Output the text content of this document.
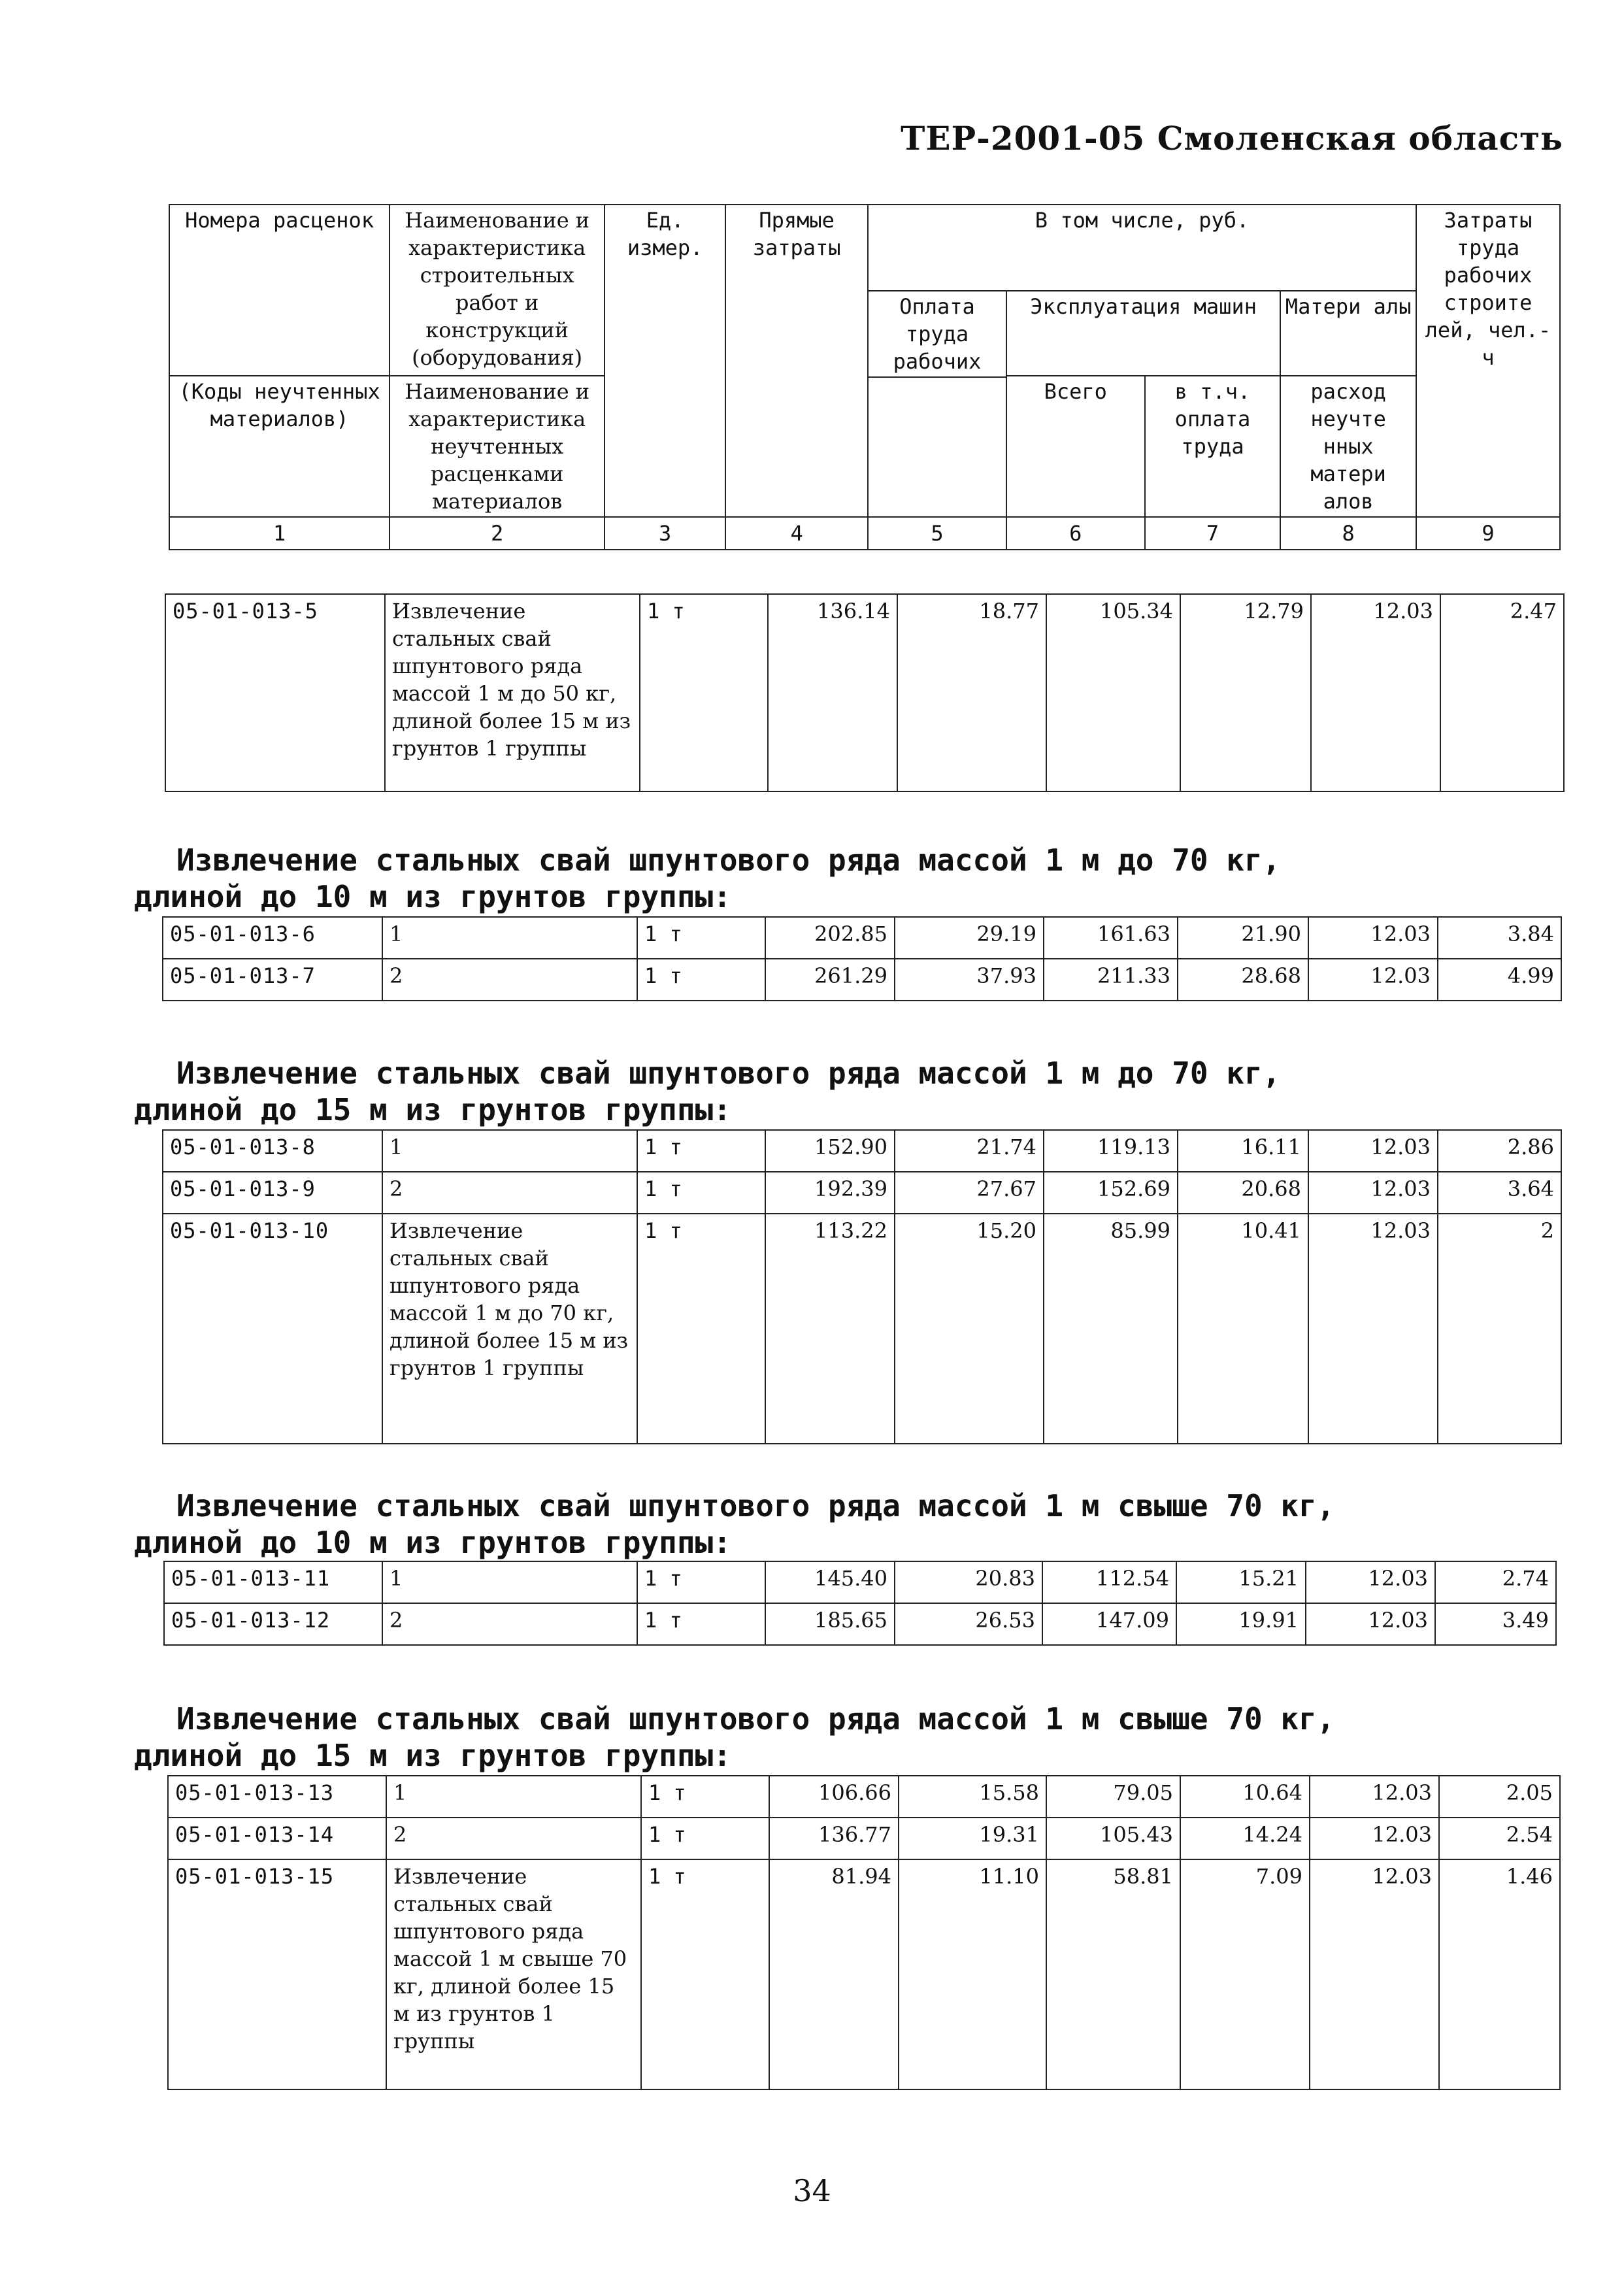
ТЕР-2001-05 Смоленская область
Номера расценок	Наименование и характеристика строительных работ и конструкций (оборудования)	Ед. измер.	Прямые затраты	В том числе, руб.				Затраты труда рабочих строите лей, чел.-ч
				Оплата труда рабочих	Эксплуатация машин		Матери алы	
(Коды неучтенных материалов)	Наименование и характеристика неучтенных расценками материалов				Всего	в т.ч. оплата труда	расход неучте нных матери алов	

1	2	3	4	5	6	7	8	9
05-01-013-5	Извлечение стальных свай шпунтового ряда массой 1 м до 50 кг, длиной более 15 м из грунтов 1 группы	1 т	136.14	18.77	105.34	12.79	12.03	2.47
Извлечение стальных свай шпунтового ряда массой 1 м до 70 кг,
длиной до 10 м из грунтов группы:
05-01-013-6	1	1 т	202.85	29.19	161.63	21.90	12.03	3.84
05-01-013-7	2	1 т	261.29	37.93	211.33	28.68	12.03	4.99
Извлечение стальных свай шпунтового ряда массой 1 м до 70 кг,
длиной до 15 м из грунтов группы:
05-01-013-8	1	1 т	152.90	21.74	119.13	16.11	12.03	2.86
05-01-013-9	2	1 т	192.39	27.67	152.69	20.68	12.03	3.64
05-01-013-10	Извлечение стальных свай шпунтового ряда массой 1 м до 70 кг, длиной более 15 м из грунтов 1 группы	1 т	113.22	15.20	85.99	10.41	12.03	2
Извлечение стальных свай шпунтового ряда массой 1 м свыше 70 кг,
длиной до 10 м из грунтов группы:
05-01-013-11	1	1 т	145.40	20.83	112.54	15.21	12.03	2.74
05-01-013-12	2	1 т	185.65	26.53	147.09	19.91	12.03	3.49
Извлечение стальных свай шпунтового ряда массой 1 м свыше 70 кг,
длиной до 15 м из грунтов группы:
05-01-013-13	1	1 т	106.66	15.58	79.05	10.64	12.03	2.05
05-01-013-14	2	1 т	136.77	19.31	105.43	14.24	12.03	2.54
05-01-013-15	Извлечение стальных свай шпунтового ряда массой 1 м свыше 70 кг, длиной более 15 м из грунтов 1 группы	1 т	81.94	11.10	58.81	7.09	12.03	1.46
34
